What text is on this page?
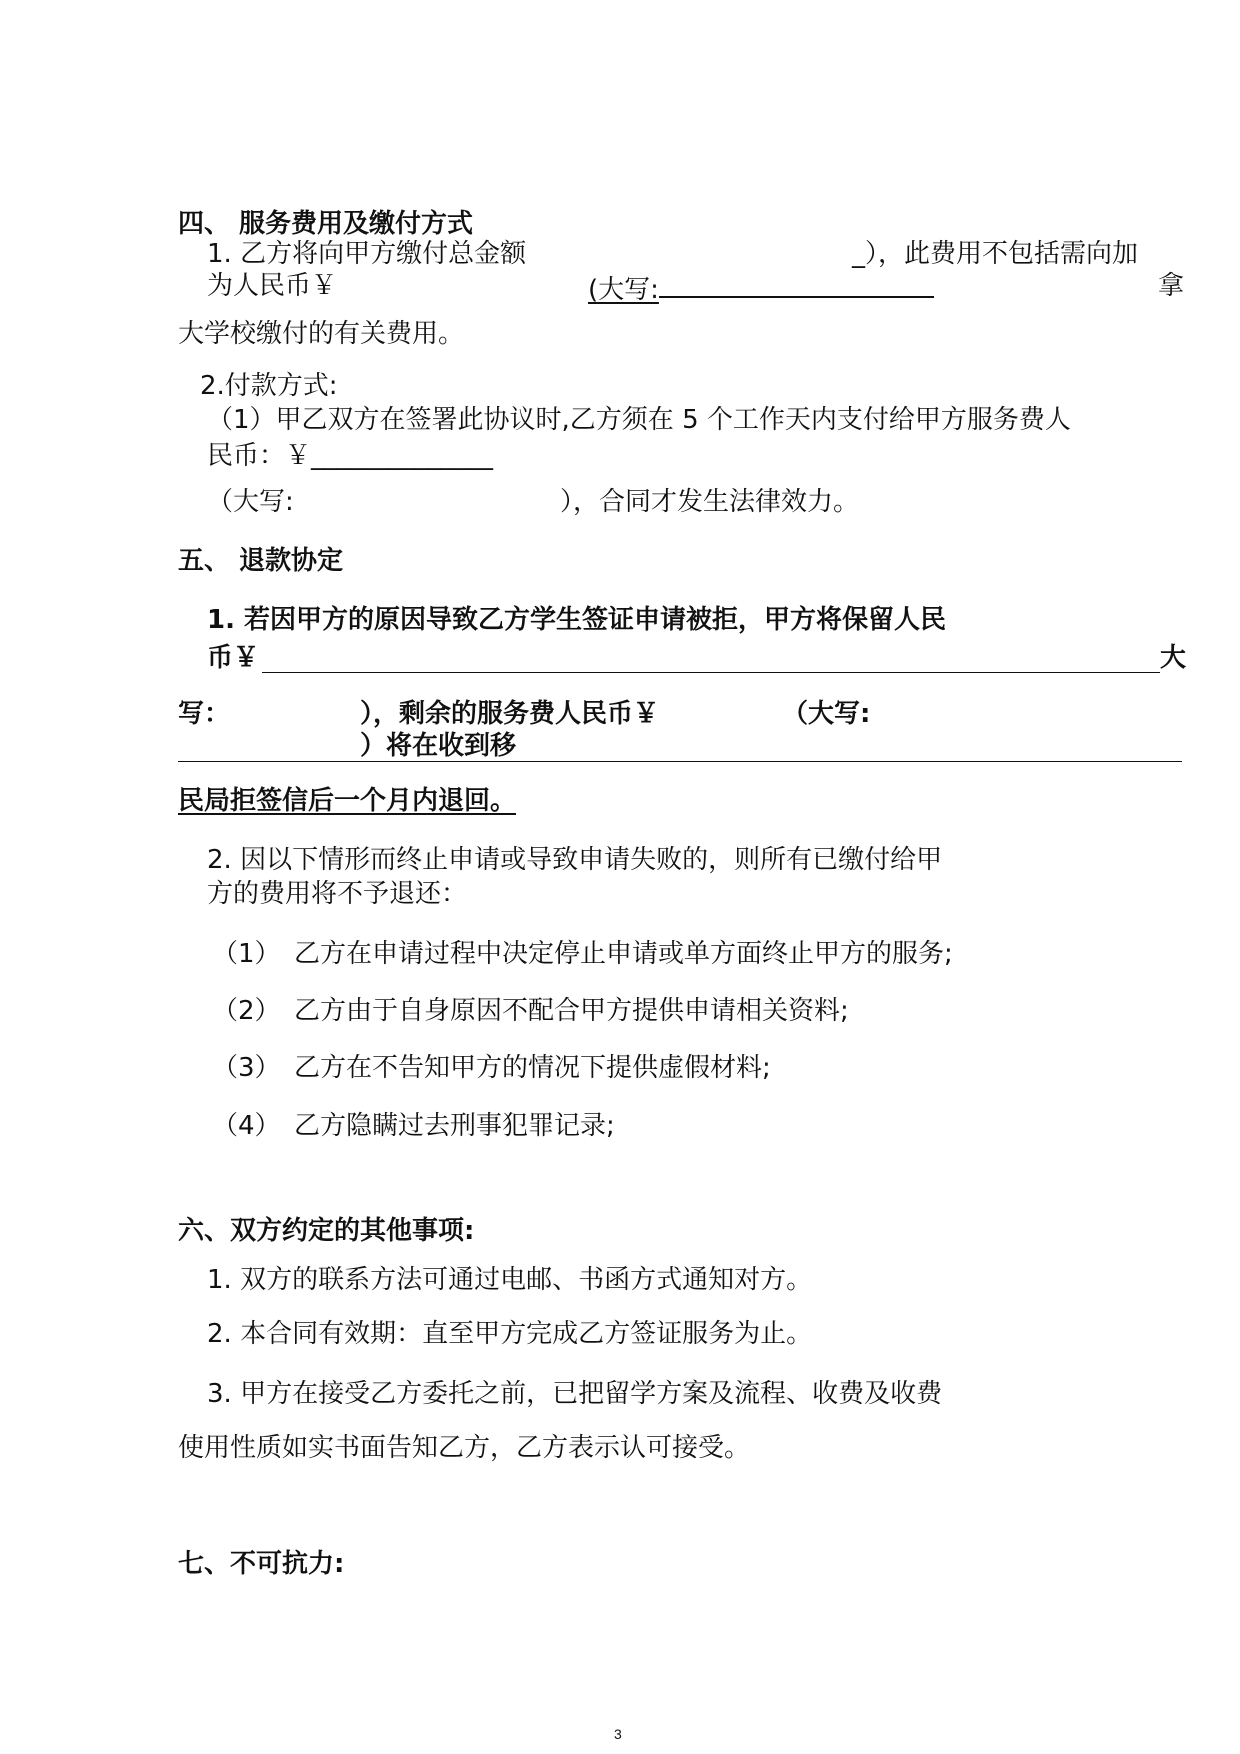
四、 服务费用及缴付方式
1. 乙方将向甲方缴付总金额	_），此费用不包括需向加
为人民币￥	(大写:	拿
大学校缴付的有关费用。
2.付款方式:
（1）甲乙双方在签署此协议时,乙方须在 5 个工作天内支付给甲方服务费人
民币：￥______________
（大写:	），合同才发生法律效力。
五、 退款协定
1. 若因甲方的原因导致乙方学生签证申请被拒，甲方将保留人民
币￥	大
写：	），剩余的服务费人民币￥	（大写:
）将在收到移
民局拒签信后一个月内退回。
2. 因以下情形而终止申请或导致申请失败的，则所有已缴付给甲
方的费用将不予退还：
（1） 乙方在申请过程中决定停止申请或单方面终止甲方的服务;
（2） 乙方由于自身原因不配合甲方提供申请相关资料;
（3） 乙方在不告知甲方的情况下提供虚假材料;
（4） 乙方隐瞒过去刑事犯罪记录;
六、双方约定的其他事项:
1. 双方的联系方法可通过电邮、书函方式通知对方。
2. 本合同有效期：直至甲方完成乙方签证服务为止。
3. 甲方在接受乙方委托之前，已把留学方案及流程、收费及收费
使用性质如实书面告知乙方，乙方表示认可接受。
七、不可抗力:
3
